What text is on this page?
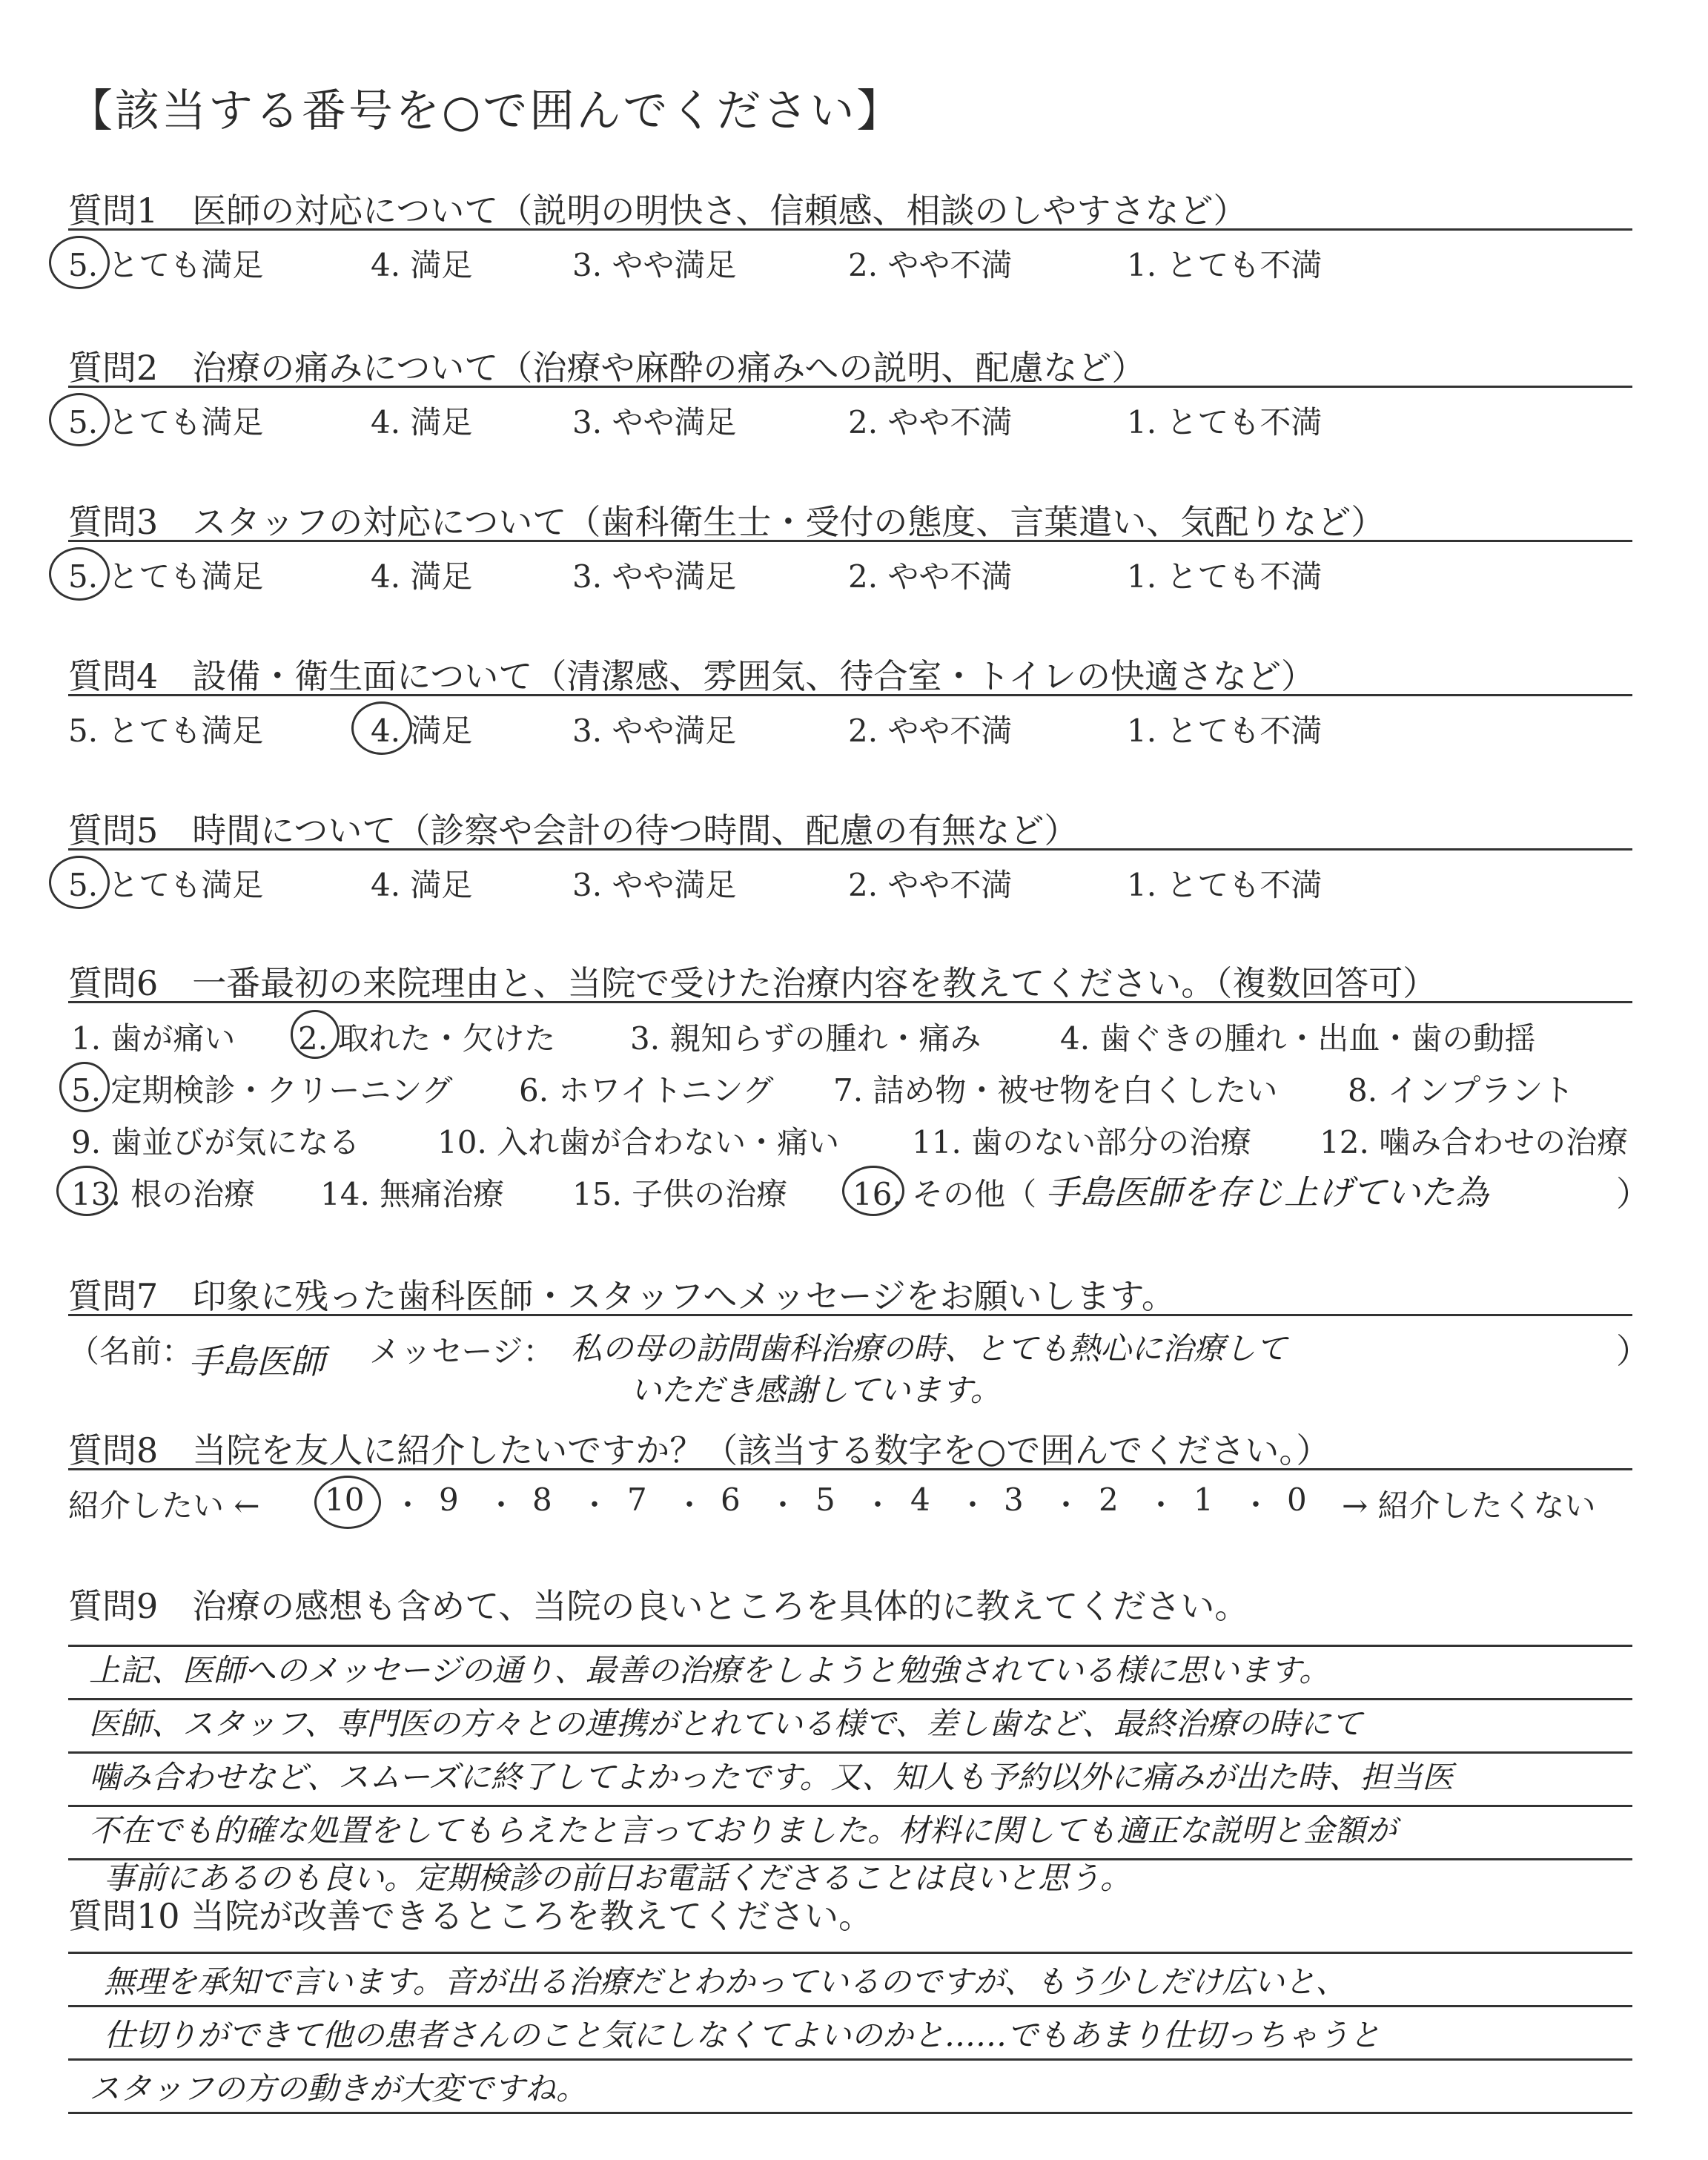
【該当する番号を○で囲んでください】
質問1　医師の対応について（説明の明快さ、信頼感、相談のしやすさなど）
5. とても満足	4. 満足	3. やや満足	2. やや不満	1. とても不満
質問2　治療の痛みについて（治療や麻酔の痛みへの説明、配慮など）
5. とても満足	4. 満足	3. やや満足	2. やや不満	1. とても不満
質問3　スタッフの対応について（歯科衛生士・受付の態度、言葉遣い、気配りなど）
5. とても満足	4. 満足	3. やや満足	2. やや不満	1. とても不満
質問4　設備・衛生面について（清潔感、雰囲気、待合室・トイレの快適さなど）
5. とても満足	4. 満足	3. やや満足	2. やや不満	1. とても不満
質問5　時間について（診察や会計の待つ時間、配慮の有無など）
5. とても満足	4. 満足	3. やや満足	2. やや不満	1. とても不満
質問6　一番最初の来院理由と、当院で受けた治療内容を教えてください。（複数回答可）
1. 歯が痛い 2. 取れた・欠けた 3. 親知らずの腫れ・痛み	4. 歯ぐきの腫れ・出血・歯の動揺
5. 定期検診・クリーニング 6. ホワイトニング 7. 詰め物・被せ物を白くしたい 8. インプラント
9. 歯並びが気になる 10. 入れ歯が合わない・痛い 11. 歯のない部分の治療 12. 噛み合わせの治療
13. 根の治療 14. 無痛治療 15. 子供の治療 16. その他（ 手島医師を存じ上げていた為	）
質問7　印象に残った歯科医師・スタッフへメッセージをお願いします。
（名前：
手島医師 メッセージ： 私の母の訪問歯科治療の時、とても熱心に治療して
いただき感謝しています。
）
質問8　当院を友人に紹介したいですか？（該当する数字を○で囲んでください。）
紹介したい ← 10 ・ 9 ・ 8 ・ 7 ・ 6 ・ 5 ・ 4 ・ 3 ・ 2 ・ 1 ・ 0 → 紹介したくない
質問9　治療の感想も含めて、当院の良いところを具体的に教えてください。
上記、医師へのメッセージの通り、最善の治療をしようと勉強されている様に思います。
医師、スタッフ、専門医の方々との連携がとれている様で、差し歯など、最終治療の時にて
噛み合わせなど、スムーズに終了してよかったです。又、知人も予約以外に痛みが出た時、担当医
不在でも的確な処置をしてもらえたと言っておりました。材料に関しても適正な説明と金額が
事前にあるのも良い。定期検診の前日お電話くださることは良いと思う。
質問10 当院が改善できるところを教えてください。
無理を承知で言います。音が出る治療だとわかっているのですが、もう少しだけ広いと、
仕切りができて他の患者さんのこと気にしなくてよいのかと……でもあまり仕切っちゃうと
スタッフの方の動きが大変ですね。
